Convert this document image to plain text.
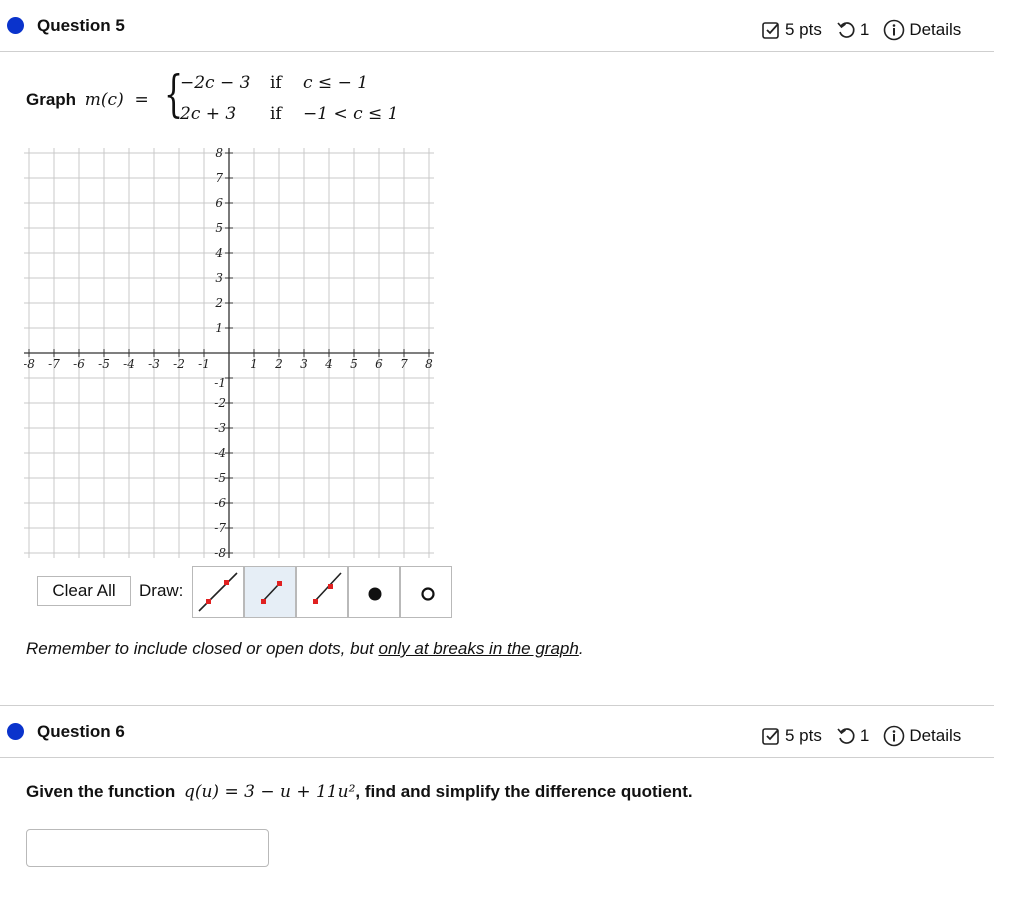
Question 5	5 pts 1 Details
Graph m(c) = {
−2c − 3 if c ≤ − 1
2c + 3 if −1 < c ≤ 1
-8 -7 -6 -5 -4 -3 -2 -1	1 2 3 4 5 6 7 8
8
7
6
5
4
3
2
1
-1
-2
-3
-4
-5
-6
-7
-8
Clear All	Draw:
Remember to include closed or open dots, but only at breaks in the graph.
Question 6	5 pts 1 Details
Given the function q(u) = 3 − u + 11u², find and simplify the difference quotient.
